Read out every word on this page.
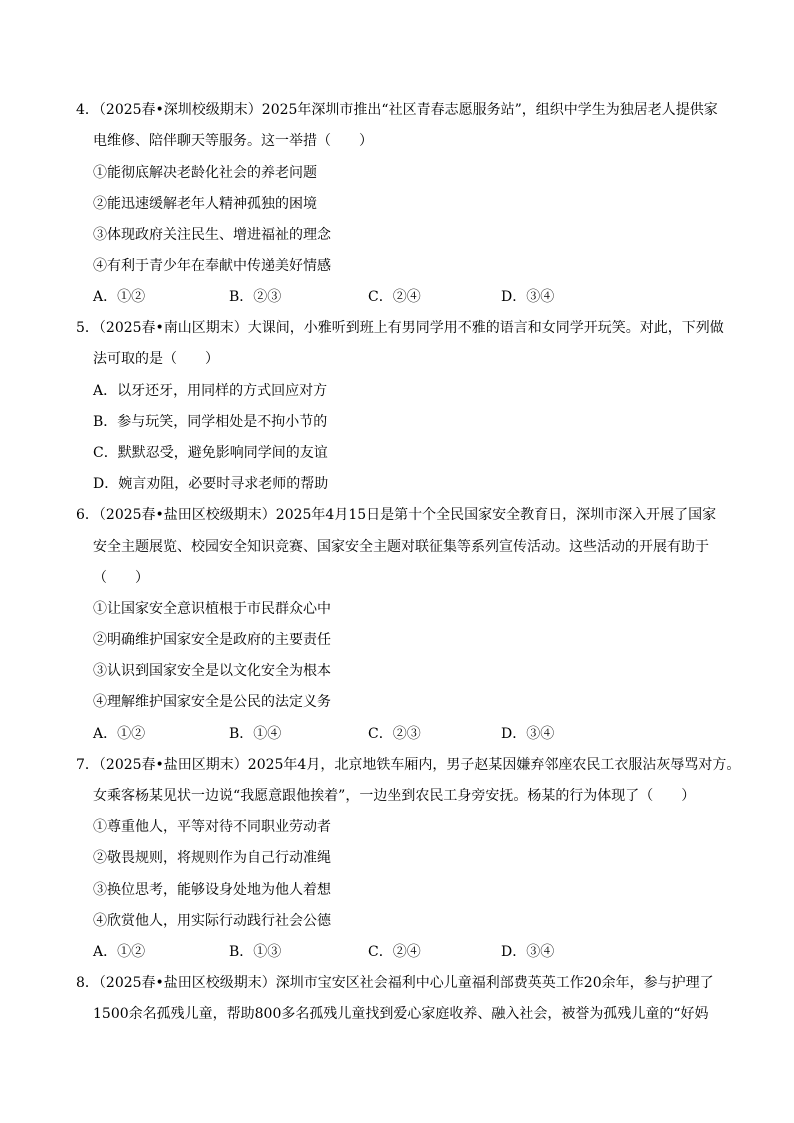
4．（2025春•深圳校级期末）2025年深圳市推出“社区青春志愿服务站”，组织中学生为独居老人提供家
电维修、陪伴聊天等服务。这一举措（　　）
①能彻底解决老龄化社会的养老问题
②能迅速缓解老年人精神孤独的困境
③体现政府关注民生、增进福祉的理念
④有利于青少年在奉献中传递美好情感
A．①②	B．②③	C．②④	D．③④
5．（2025春•南山区期末）大课间，小雅听到班上有男同学用不雅的语言和女同学开玩笑。对此，下列做
法可取的是（　　）
A．以牙还牙，用同样的方式回应对方
B．参与玩笑，同学相处是不拘小节的
C．默默忍受，避免影响同学间的友谊
D．婉言劝阻，必要时寻求老师的帮助
6．（2025春•盐田区校级期末）2025年4月15日是第十个全民国家安全教育日，深圳市深入开展了国家
安全主题展览、校园安全知识竞赛、国家安全主题对联征集等系列宣传活动。这些活动的开展有助于
（　　）
①让国家安全意识植根于市民群众心中
②明确维护国家安全是政府的主要责任
③认识到国家安全是以文化安全为根本
④理解维护国家安全是公民的法定义务
A．①②	B．①④	C．②③	D．③④
7．（2025春•盐田区期末）2025年4月，北京地铁车厢内，男子赵某因嫌弃邻座农民工衣服沾灰辱骂对方。
女乘客杨某见状一边说“我愿意跟他挨着”，一边坐到农民工身旁安抚。杨某的行为体现了（　　）
①尊重他人，平等对待不同职业劳动者
②敬畏规则，将规则作为自己行动准绳
③换位思考，能够设身处地为他人着想
④欣赏他人，用实际行动践行社会公德
A．①②	B．①③	C．②④	D．③④
8．（2025春•盐田区校级期末）深圳市宝安区社会福利中心儿童福利部费英英工作20余年，参与护理了
1500余名孤残儿童，帮助800多名孤残儿童找到爱心家庭收养、融入社会，被誉为孤残儿童的“好妈
